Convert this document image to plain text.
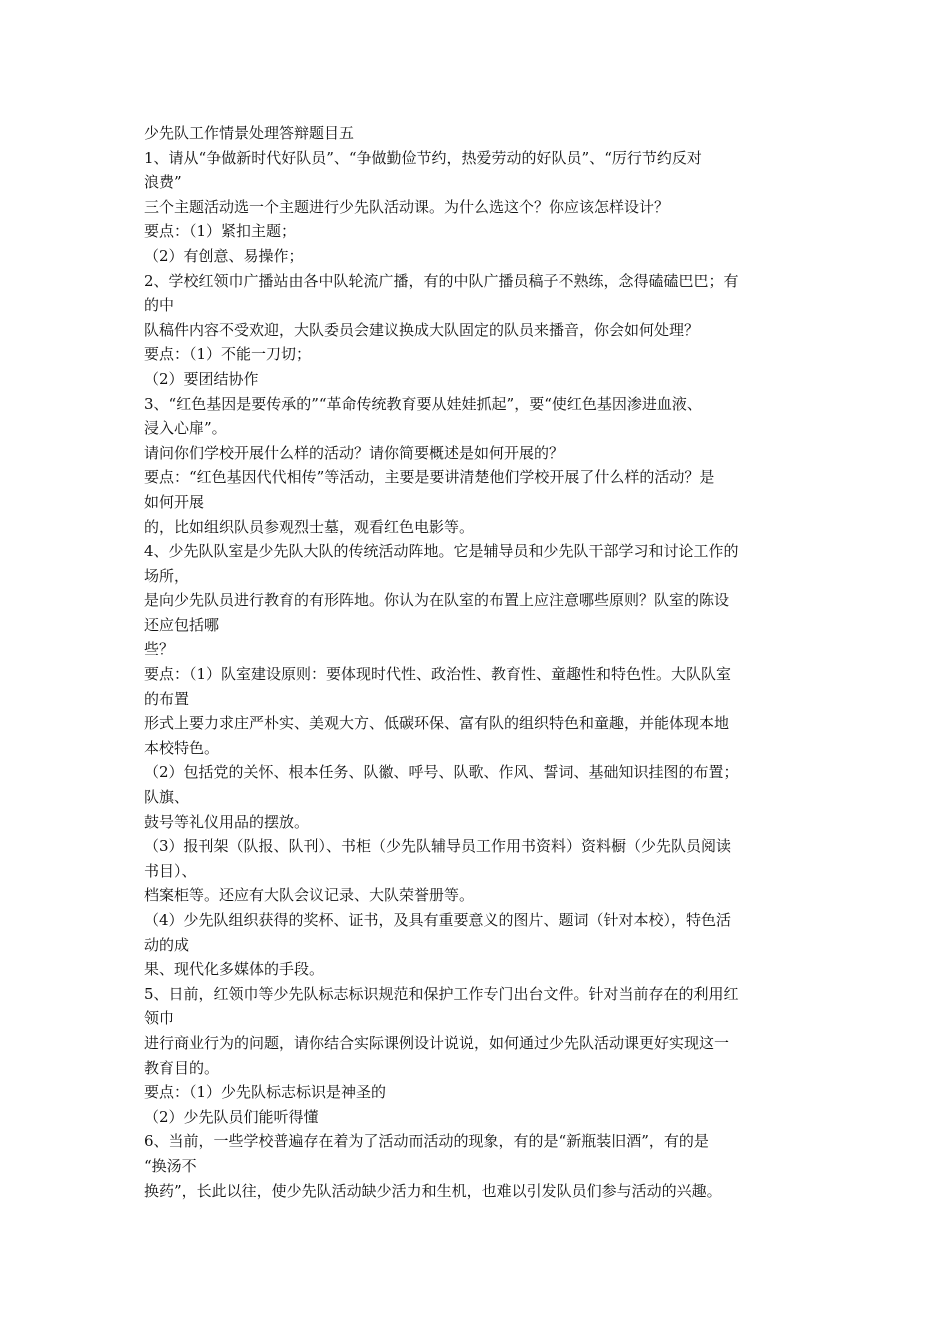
少先队工作情景处理答辩题目五
1、请从“争做新时代好队员”、“争做勤俭节约，热爱劳动的好队员”、“厉行节约反对
浪费”
三个主题活动选一个主题进行少先队活动课。为什么选这个？你应该怎样设计？
要点：（1）紧扣主题；
（2）有创意、易操作；
2、学校红领巾广播站由各中队轮流广播，有的中队广播员稿子不熟练，念得磕磕巴巴；有
的中
队稿件内容不受欢迎，大队委员会建议换成大队固定的队员来播音，你会如何处理？
要点：（1）不能一刀切；
（2）要团结协作
3、“红色基因是要传承的”“革命传统教育要从娃娃抓起”，要“使红色基因渗进血液、
浸入心扉”。
请问你们学校开展什么样的活动？请你简要概述是如何开展的？
要点：“红色基因代代相传”等活动，主要是要讲清楚他们学校开展了什么样的活动？是
如何开展
的，比如组织队员参观烈士墓，观看红色电影等。
4、少先队队室是少先队大队的传统活动阵地。它是辅导员和少先队干部学习和讨论工作的
场所，
是向少先队员进行教育的有形阵地。你认为在队室的布置上应注意哪些原则？队室的陈设
还应包括哪
些？
要点：（1）队室建设原则：要体现时代性、政治性、教育性、童趣性和特色性。大队队室
的布置
形式上要力求庄严朴实、美观大方、低碳环保、富有队的组织特色和童趣，并能体现本地
本校特色。
（2）包括党的关怀、根本任务、队徽、呼号、队歌、作风、誓词、基础知识挂图的布置；
队旗、
鼓号等礼仪用品的摆放。
（3）报刊架（队报、队刊）、书柜（少先队辅导员工作用书资料）资料橱（少先队员阅读
书目）、
档案柜等。还应有大队会议记录、大队荣誉册等。
（4）少先队组织获得的奖杯、证书，及具有重要意义的图片、题词（针对本校），特色活
动的成
果、现代化多媒体的手段。
5、日前，红领巾等少先队标志标识规范和保护工作专门出台文件。针对当前存在的利用红
领巾
进行商业行为的问题，请你结合实际课例设计说说，如何通过少先队活动课更好实现这一
教育目的。
要点：（1）少先队标志标识是神圣的
（2）少先队员们能听得懂
6、当前，一些学校普遍存在着为了活动而活动的现象，有的是“新瓶装旧酒”，有的是
“换汤不
换药”，长此以往，使少先队活动缺少活力和生机，也难以引发队员们参与活动的兴趣。
